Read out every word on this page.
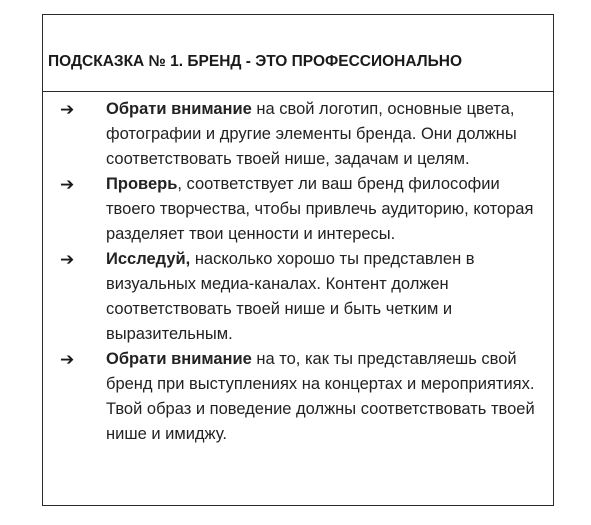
ПОДСКАЗКА № 1. БРЕНД - ЭТО ПРОФЕССИОНАЛЬНО
➔ Обрати внимание на свой логотип, основные цвета, фотографии и другие элементы бренда. Они должны соответствовать твоей нише, задачам и целям.
➔ Проверь, соответствует ли ваш бренд философии твоего творчества, чтобы привлечь аудиторию, которая разделяет твои ценности и интересы.
➔ Исследуй, насколько хорошо ты представлен в визуальных медиа-каналах. Контент должен соответствовать твоей нише и быть четким и выразительным.
➔ Обрати внимание на то, как ты представляешь свой бренд при выступлениях на концертах и мероприятиях. Твой образ и поведение должны соответствовать твоей нише и имиджу.
